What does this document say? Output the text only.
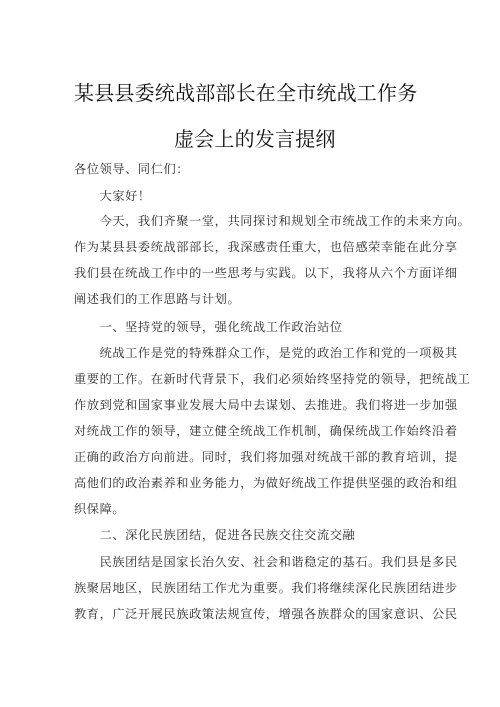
某县县委统战部部长在全市统战工作务
虚会上的发言提纲
各位领导、同仁们：
　　大家好！
　　今天，我们齐聚一堂，共同探讨和规划全市统战工作的未来方向。
作为某县县委统战部部长，我深感责任重大，也倍感荣幸能在此分享
我们县在统战工作中的一些思考与实践。以下，我将从六个方面详细
阐述我们的工作思路与计划。
　　一、坚持党的领导，强化统战工作政治站位
　　统战工作是党的特殊群众工作，是党的政治工作和党的一项极其
重要的工作。在新时代背景下，我们必须始终坚持党的领导，把统战工
作放到党和国家事业发展大局中去谋划、去推进。我们将进一步加强
对统战工作的领导，建立健全统战工作机制，确保统战工作始终沿着
正确的政治方向前进。同时，我们将加强对统战干部的教育培训，提
高他们的政治素养和业务能力，为做好统战工作提供坚强的政治和组
织保障。
　　二、深化民族团结，促进各民族交往交流交融
　　民族团结是国家长治久安、社会和谐稳定的基石。我们县是多民
族聚居地区，民族团结工作尤为重要。我们将继续深化民族团结进步
教育，广泛开展民族政策法规宣传，增强各族群众的国家意识、公民
